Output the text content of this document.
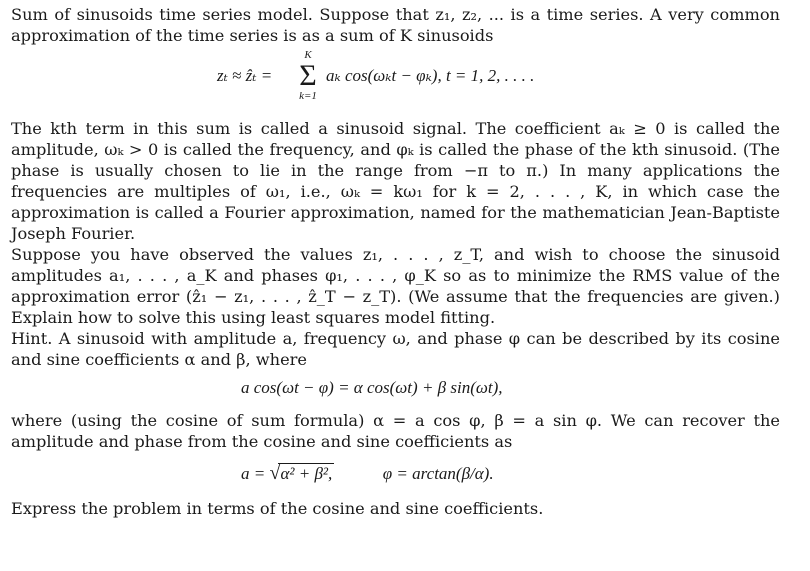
Sum of sinusoids time series model. Suppose that z₁, z₂, ... is a time series. A very common approximation of the time series is as a sum of K sinusoids

zₜ ≈ ẑₜ =
K
Σ
k=1
aₖ cos(ωₖt − φₖ), t = 1, 2, . . . .

The kth term in this sum is called a sinusoid signal. The coefficient aₖ ≥ 0 is called the amplitude, ωₖ > 0 is called the frequency, and φₖ is called the phase of the kth sinusoid. (The phase is usually chosen to lie in the range from −π to π.) In many applications the frequencies are multiples of ω₁, i.e., ωₖ = kω₁ for k = 2, . . . , K, in which case the approximation is called a Fourier approximation, named for the mathematician Jean-Baptiste Joseph Fourier.

Suppose you have observed the values z₁, . . . , z_T, and wish to choose the sinusoid amplitudes a₁, . . . , a_K and phases φ₁, . . . , φ_K so as to minimize the RMS value of the approximation error (ẑ₁ − z₁, . . . , ẑ_T − z_T). (We assume that the frequencies are given.) Explain how to solve this using least squares model fitting.

Hint. A sinusoid with amplitude a, frequency ω, and phase φ can be described by its cosine and sine coefficients α and β, where

a cos(ωt − φ) = α cos(ωt) + β sin(ωt),

where (using the cosine of sum formula) α = a cos φ, β = a sin φ. We can recover the amplitude and phase from the cosine and sine coefficients as

a = √α² + β²,	φ = arctan(β/α).

Express the problem in terms of the cosine and sine coefficients.
